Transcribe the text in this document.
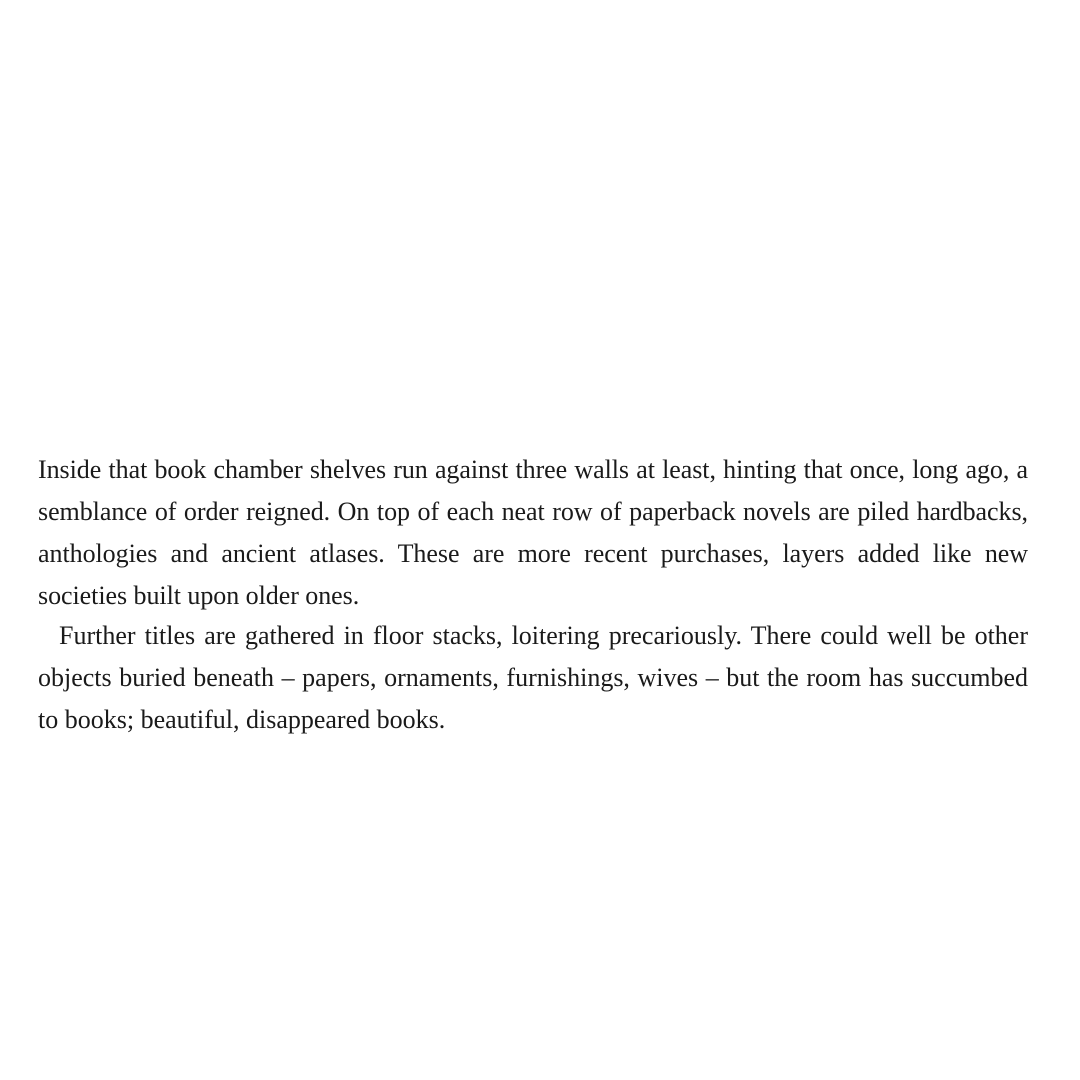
Inside that book chamber shelves run against three walls at least, hinting that once, long ago, a semblance of order reigned. On top of each neat row of paperback novels are piled hardbacks, anthologies and ancient atlases. These are more recent purchases, layers added like new societies built upon older ones.

Further titles are gathered in floor stacks, loitering precariously. There could well be other objects buried beneath – papers, ornaments, furnishings, wives – but the room has succumbed to books; beautiful, disappeared books.
